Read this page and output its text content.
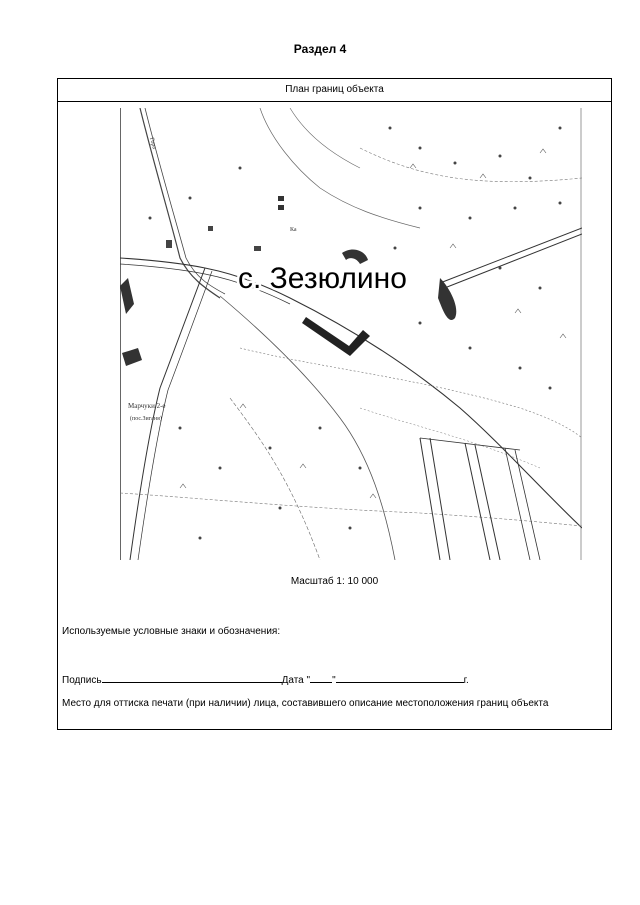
Раздел 4
План границ объекта
Марчуки 2-е
(пос.Зиганя)
Ка
Гора
с. Зезюлино
Масштаб 1: 10 000
Используемые условные знаки и обозначения:
Подпись	Дата " "	г.
Место для оттиска печати (при наличии) лица, составившего описание местоположения границ объекта
